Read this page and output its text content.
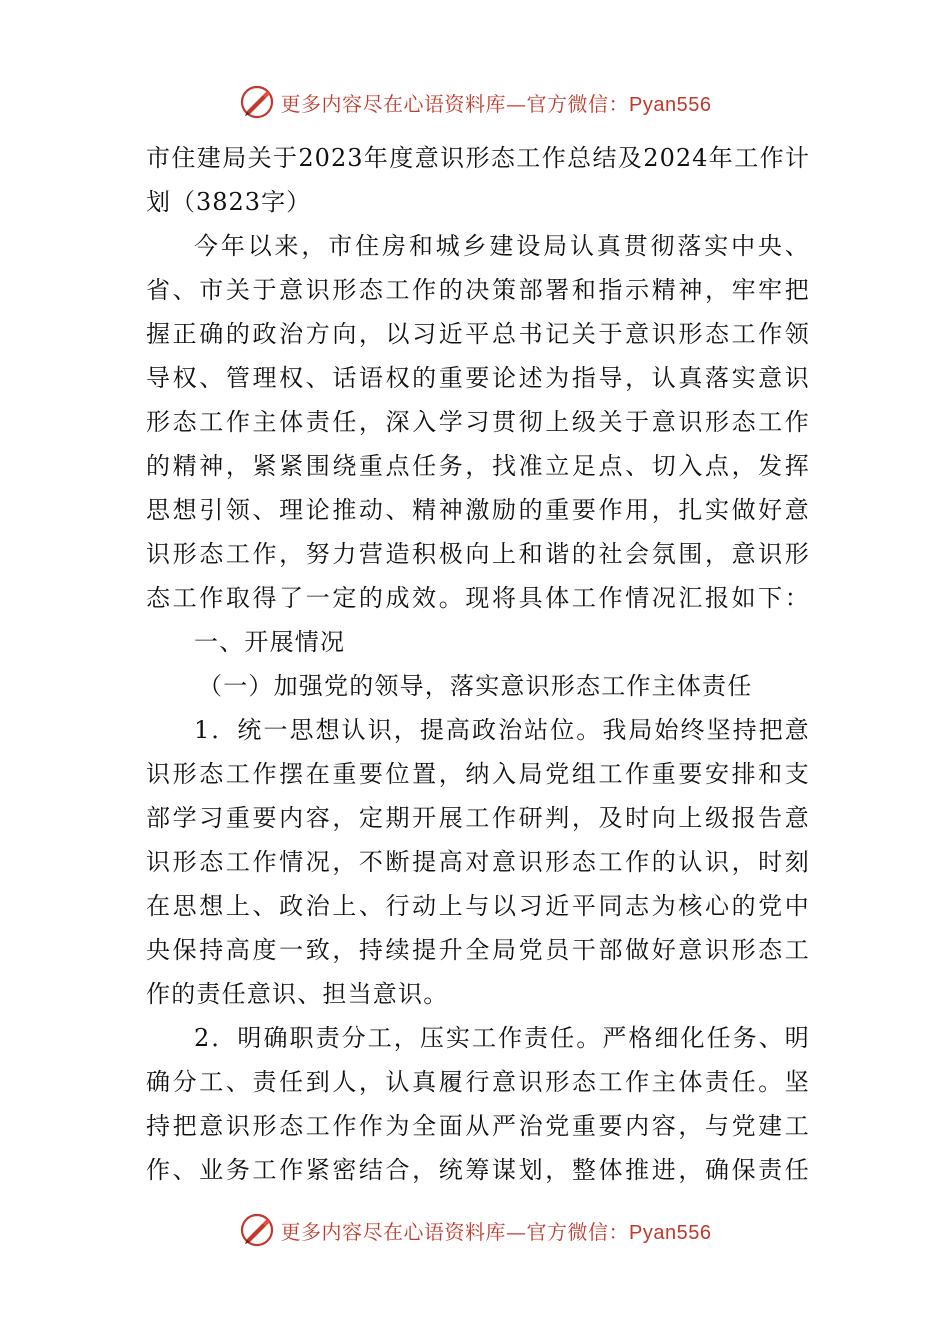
更多内容尽在心语资料库—官方微信：Pyan556
市住建局关于2023年度意识形态工作总结及2024年工作计
划（3823字）
今年以来，市住房和城乡建设局认真贯彻落实中央、
省、市关于意识形态工作的决策部署和指示精神，牢牢把
握正确的政治方向，以习近平总书记关于意识形态工作领
导权、管理权、话语权的重要论述为指导，认真落实意识
形态工作主体责任，深入学习贯彻上级关于意识形态工作
的精神，紧紧围绕重点任务，找准立足点、切入点，发挥
思想引领、理论推动、精神激励的重要作用，扎实做好意
识形态工作，努力营造积极向上和谐的社会氛围，意识形
态工作取得了一定的成效。现将具体工作情况汇报如下：
一、开展情况
（一）加强党的领导，落实意识形态工作主体责任
1．统一思想认识，提高政治站位。我局始终坚持把意
识形态工作摆在重要位置，纳入局党组工作重要安排和支
部学习重要内容，定期开展工作研判，及时向上级报告意
识形态工作情况，不断提高对意识形态工作的认识，时刻
在思想上、政治上、行动上与以习近平同志为核心的党中
央保持高度一致，持续提升全局党员干部做好意识形态工
作的责任意识、担当意识。
2．明确职责分工，压实工作责任。严格细化任务、明
确分工、责任到人，认真履行意识形态工作主体责任。坚
持把意识形态工作作为全面从严治党重要内容，与党建工
作、业务工作紧密结合，统筹谋划，整体推进，确保责任
更多内容尽在心语资料库—官方微信：Pyan556
